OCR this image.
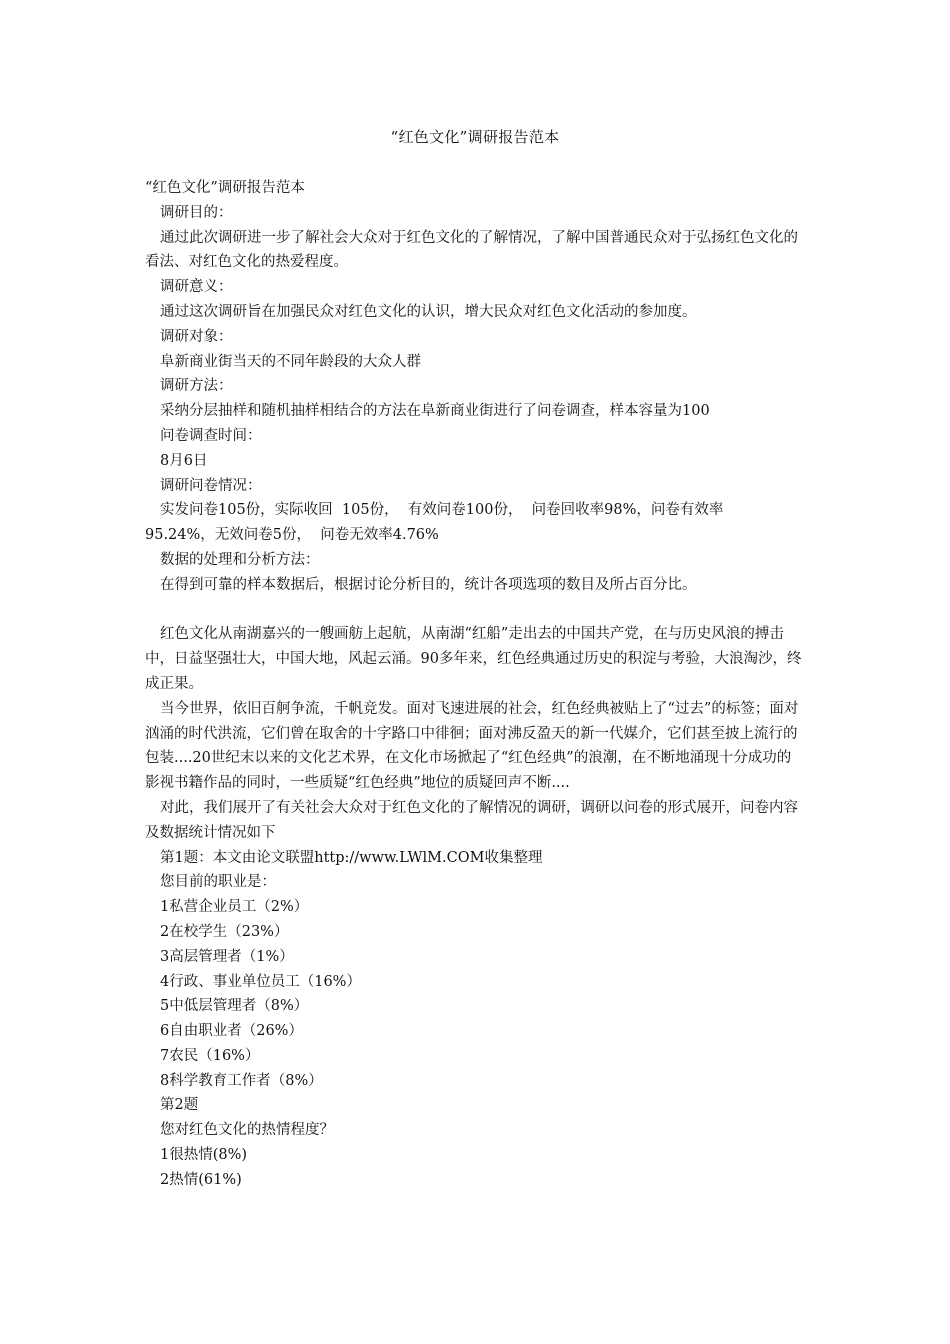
“红色文化”调研报告范本

“红色文化”调研报告范本

调研目的：

通过此次调研进一步了解社会大众对于红色文化的了解情况，了解中国普通民众对于弘扬红色文化的看法、对红色文化的热爱程度。

调研意义：

通过这次调研旨在加强民众对红色文化的认识，增大民众对红色文化活动的参加度。

调研对象：

阜新商业街当天的不同年龄段的大众人群

调研方法：

采纳分层抽样和随机抽样相结合的方法在阜新商业街进行了问卷调查，样本容量为100

问卷调查时间：

8月6日

调研问卷情况：

实发问卷105份，实际收回  105份，  有效问卷100份，  问卷回收率98%，问卷有效率

95.24%，无效问卷5份，  问卷无效率4.76%

数据的处理和分析方法：

在得到可靠的样本数据后，根据讨论分析目的，统计各项选项的数目及所占百分比。

红色文化从南湖嘉兴的一艘画舫上起航，从南湖“红船”走出去的中国共产党，在与历史风浪的搏击中，日益坚强壮大，中国大地，风起云涌。90多年来，红色经典通过历史的积淀与考验，大浪淘沙，终成正果。

当今世界，依旧百舸争流，千帆竞发。面对飞速进展的社会，红色经典被贴上了“过去”的标签；面对汹涌的时代洪流，它们曾在取舍的十字路口中徘徊；面对沸反盈天的新一代媒介，它们甚至披上流行的包装....20世纪末以来的文化艺术界，在文化市场掀起了“红色经典”的浪潮，在不断地涌现十分成功的影视书籍作品的同时，一些质疑“红色经典”地位的质疑回声不断....

对此，我们展开了有关社会大众对于红色文化的了解情况的调研，调研以问卷的形式展开，问卷内容及数据统计情况如下

第1题：本文由论文联盟http://www.LWlM.COM收集整理

您目前的职业是：

1私营企业员工（2%）

2在校学生（23%）

3高层管理者（1%）

4行政、事业单位员工（16%）

5中低层管理者（8%）

6自由职业者（26%）

7农民（16%）

8科学教育工作者（8%）

第2题

您对红色文化的热情程度？

1很热情(8%)

2热情(61%)
